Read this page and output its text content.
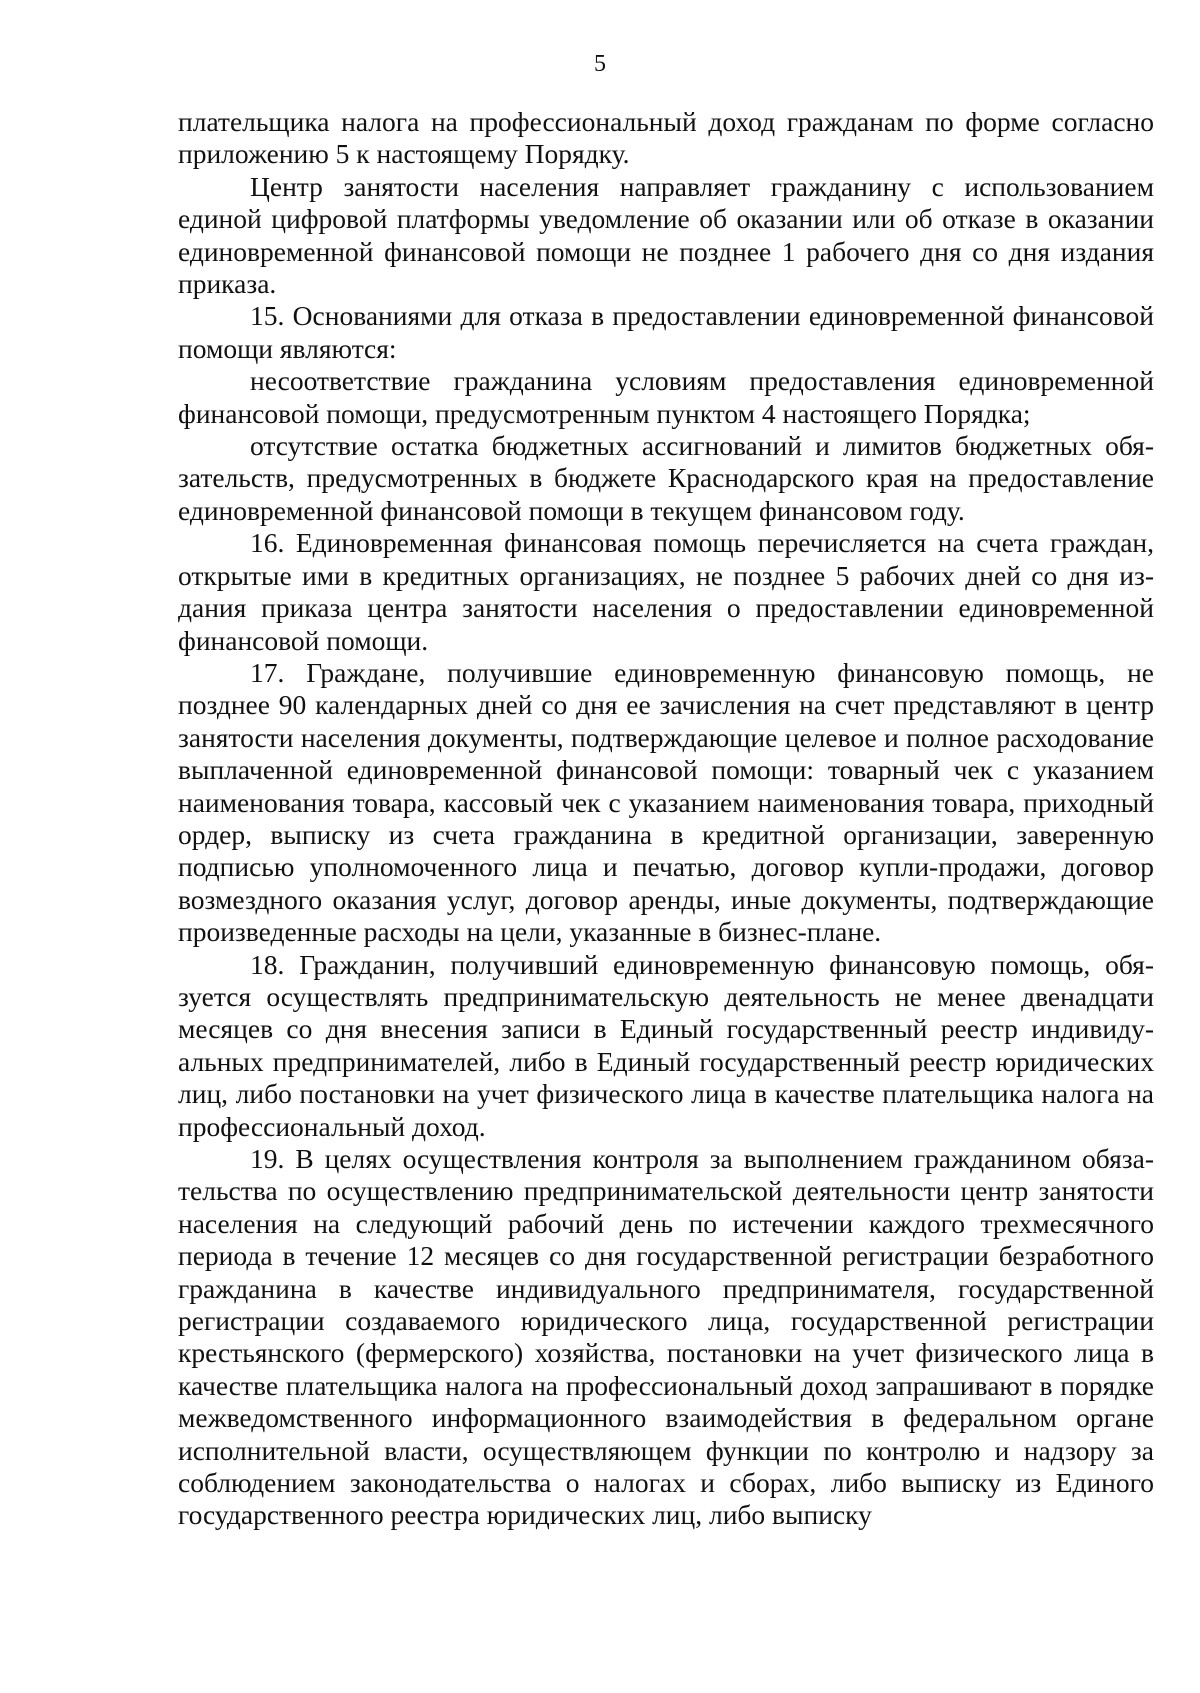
5

плательщика налога на профессиональный доход гражданам по форме согласно приложению 5 к настоящему Порядку.

Центр занятости населения направляет гражданину с использованием единой цифровой платформы уведомление об оказании или об отказе в оказании единовременной финансовой помощи не позднее 1 рабочего дня со дня издания приказа.

15. Основаниями для отказа в предоставлении единовременной финансовой помощи являются:

несоответствие гражданина условиям предоставления единовременной финансовой помощи, предусмотренным пунктом 4 настоящего Порядка;

отсутствие остатка бюджетных ассигнований и лимитов бюджетных обязательств, предусмотренных в бюджете Краснодарского края на предоставление единовременной финансовой помощи в текущем финансовом году.

16. Единовременная финансовая помощь перечисляется на счета граждан, открытые ими в кредитных организациях, не позднее 5 рабочих дней со дня издания приказа центра занятости населения о предоставлении единовременной финансовой помощи.

17. Граждане, получившие единовременную финансовую помощь, не позднее 90 календарных дней со дня ее зачисления на счет представляют в центр занятости населения документы, подтверждающие целевое и полное расходование выплаченной единовременной финансовой помощи: товарный чек с указанием наименования товара, кассовый чек с указанием наименования товара, приходный ордер, выписку из счета гражданина в кредитной организации, заверенную подписью уполномоченного лица и печатью, договор купли-продажи, договор возмездного оказания услуг, договор аренды, иные документы, подтверждающие произведенные расходы на цели, указанные в бизнес-плане.

18. Гражданин, получивший единовременную финансовую помощь, обязуется осуществлять предпринимательскую деятельность не менее двенадцати месяцев со дня внесения записи в Единый государственный реестр индивидуальных предпринимателей, либо в Единый государственный реестр юридических лиц, либо постановки на учет физического лица в качестве плательщика налога на профессиональный доход.

19. В целях осуществления контроля за выполнением гражданином обязательства по осуществлению предпринимательской деятельности центр занятости населения на следующий рабочий день по истечении каждого трехмесячного периода в течение 12 месяцев со дня государственной регистрации безработного гражданина в качестве индивидуального предпринимателя, государственной регистрации создаваемого юридического лица, государственной регистрации крестьянского (фермерского) хозяйства, постановки на учет физического лица в качестве плательщика налога на профессиональный доход запрашивают в порядке межведомственного информационного взаимодействия в федеральном органе исполнительной власти, осуществляющем функции по контролю и надзору за соблюдением законодательства о налогах и сборах, либо выписку из Единого государственного реестра юридических лиц, либо выписку
